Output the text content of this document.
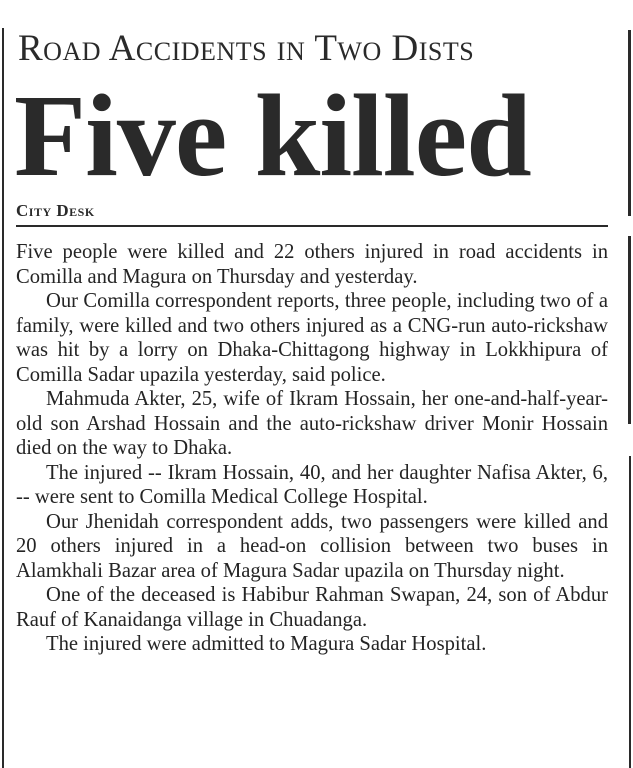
Road Accidents in Two Dists
Five killed
City Desk

Five people were killed and 22 others injured in road accidents in Comilla and Magura on Thursday and yesterday.

Our Comilla correspondent reports, three people, including two of a family, were killed and two others injured as a CNG-run auto-rickshaw was hit by a lorry on Dhaka-Chittagong highway in Lokkhipura of Comilla Sadar upazila yesterday, said police.

Mahmuda Akter, 25, wife of Ikram Hossain, her one-and-half-year-old son Arshad Hossain and the auto-rickshaw driver Monir Hossain died on the way to Dhaka.

The injured -- Ikram Hossain, 40, and her daughter Nafisa Akter, 6, -- were sent to Comilla Medical College Hospital.

Our Jhenidah correspondent adds, two passengers were killed and 20 others injured in a head-on collision between two buses in Alamkhali Bazar area of Magura Sadar upazila on Thursday night.

One of the deceased is Habibur Rahman Swapan, 24, son of Abdur Rauf of Kanaidanga village in Chuadanga.

The injured were admitted to Magura Sadar Hospital.
